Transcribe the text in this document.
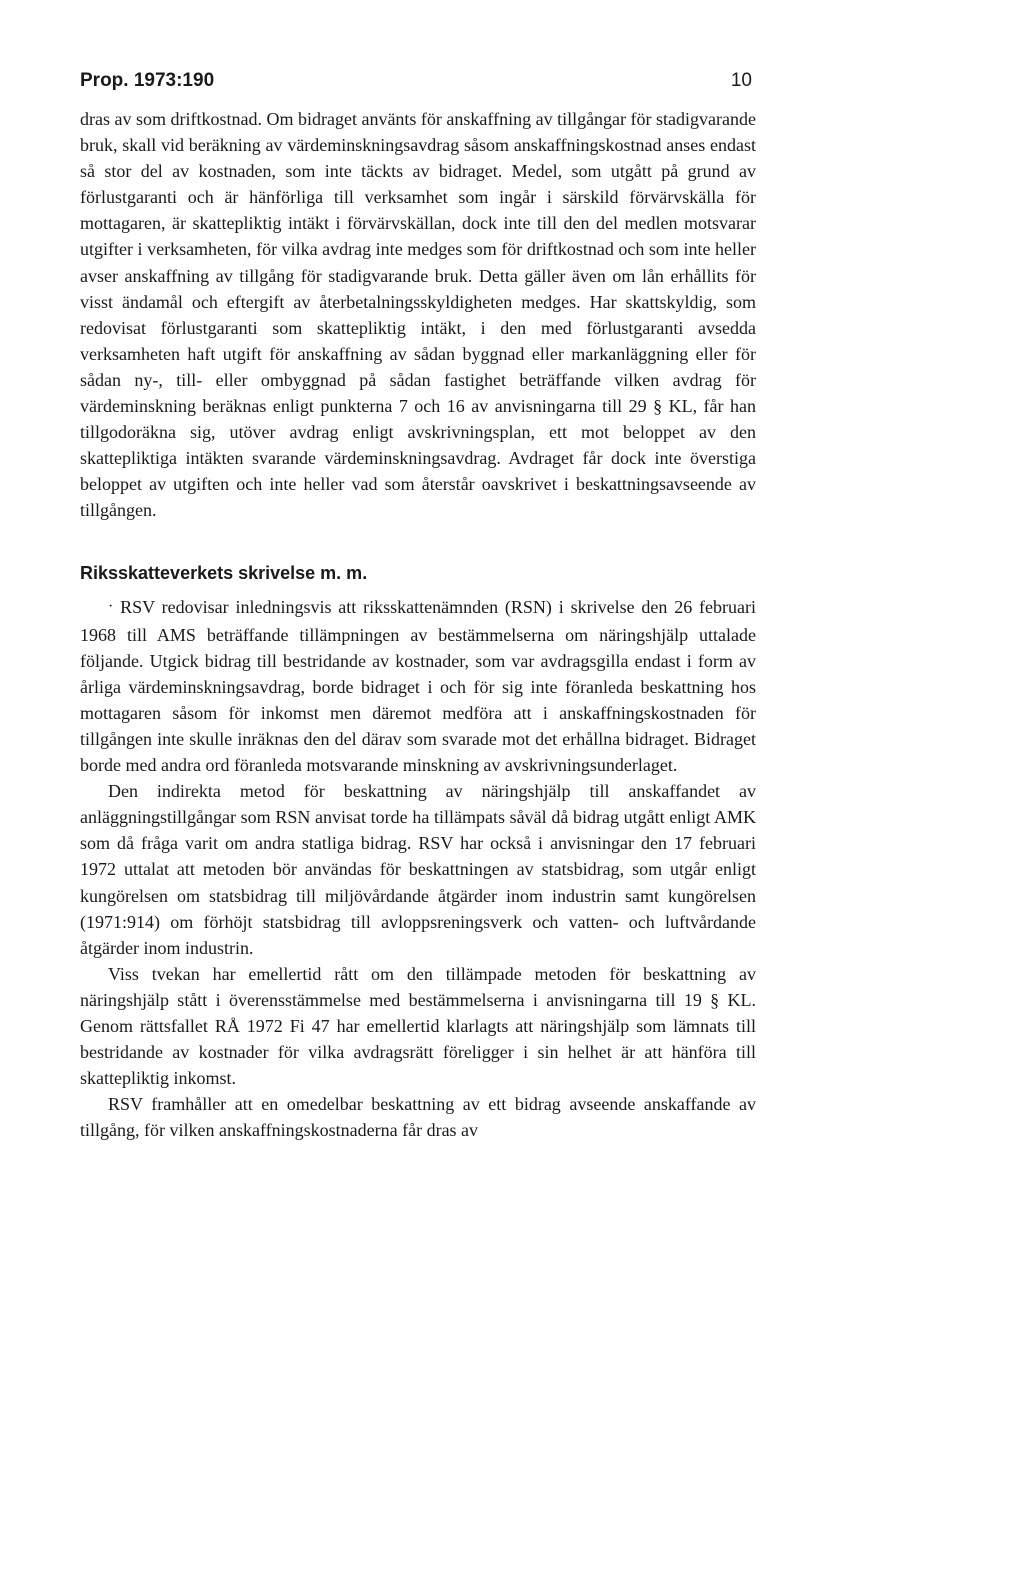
Prop. 1973:190	10

dras av som driftkostnad. Om bidraget använts för anskaffning av tillgångar för stadigvarande bruk, skall vid beräkning av värdeminskningsavdrag såsom anskaffningskostnad anses endast så stor del av kostnaden, som inte täckts av bidraget. Medel, som utgått på grund av förlustgaranti och är hänförliga till verksamhet som ingår i särskild förvärvskälla för mottagaren, är skattepliktig intäkt i förvärvskällan, dock inte till den del medlen motsvarar utgifter i verksamheten, för vilka avdrag inte medges som för driftkostnad och som inte heller avser anskaffning av tillgång för stadigvarande bruk. Detta gäller även om lån erhållits för visst ändamål och eftergift av återbetalningsskyldigheten medges. Har skattskyldig, som redovisat förlustgaranti som skattepliktig intäkt, i den med förlustgaranti avsedda verksamheten haft utgift för anskaffning av sådan byggnad eller markanläggning eller för sådan ny-, till- eller ombyggnad på sådan fastighet beträffande vilken avdrag för värdeminskning beräknas enligt punkterna 7 och 16 av anvisningarna till 29 § KL, får han tillgodoräkna sig, utöver avdrag enligt avskrivningsplan, ett mot beloppet av den skattepliktiga intäkten svarande värdeminskningsavdrag. Avdraget får dock inte överstiga beloppet av utgiften och inte heller vad som återstår oavskrivet i beskattningsavseende av tillgången.

Riksskatteverkets skrivelse m. m.

· RSV redovisar inledningsvis att riksskattenämnden (RSN) i skrivelse den 26 februari 1968 till AMS beträffande tillämpningen av bestämmelserna om näringshjälp uttalade följande. Utgick bidrag till bestridande av kostnader, som var avdragsgilla endast i form av årliga värdeminskningsavdrag, borde bidraget i och för sig inte föranleda beskattning hos mottagaren såsom för inkomst men däremot medföra att i anskaffningskostnaden för tillgången inte skulle inräknas den del därav som svarade mot det erhållna bidraget. Bidraget borde med andra ord föranleda motsvarande minskning av avskrivningsunderlaget.

Den indirekta metod för beskattning av näringshjälp till anskaffandet av anläggningstillgångar som RSN anvisat torde ha tillämpats såväl då bidrag utgått enligt AMK som då fråga varit om andra statliga bidrag. RSV har också i anvisningar den 17 februari 1972 uttalat att metoden bör användas för beskattningen av statsbidrag, som utgår enligt kungörelsen om statsbidrag till miljövårdande åtgärder inom industrin samt kungörelsen (1971:914) om förhöjt statsbidrag till avloppsreningsverk och vatten- och luftvårdande åtgärder inom industrin.

Viss tvekan har emellertid rått om den tillämpade metoden för beskattning av näringshjälp stått i överensstämmelse med bestämmelserna i anvisningarna till 19 § KL. Genom rättsfallet RÅ 1972 Fi 47 har emellertid klarlagts att näringshjälp som lämnats till bestridande av kostnader för vilka avdragsrätt föreligger i sin helhet är att hänföra till skattepliktig inkomst.

RSV framhåller att en omedelbar beskattning av ett bidrag avseende anskaffande av tillgång, för vilken anskaffningskostnaderna får dras av
